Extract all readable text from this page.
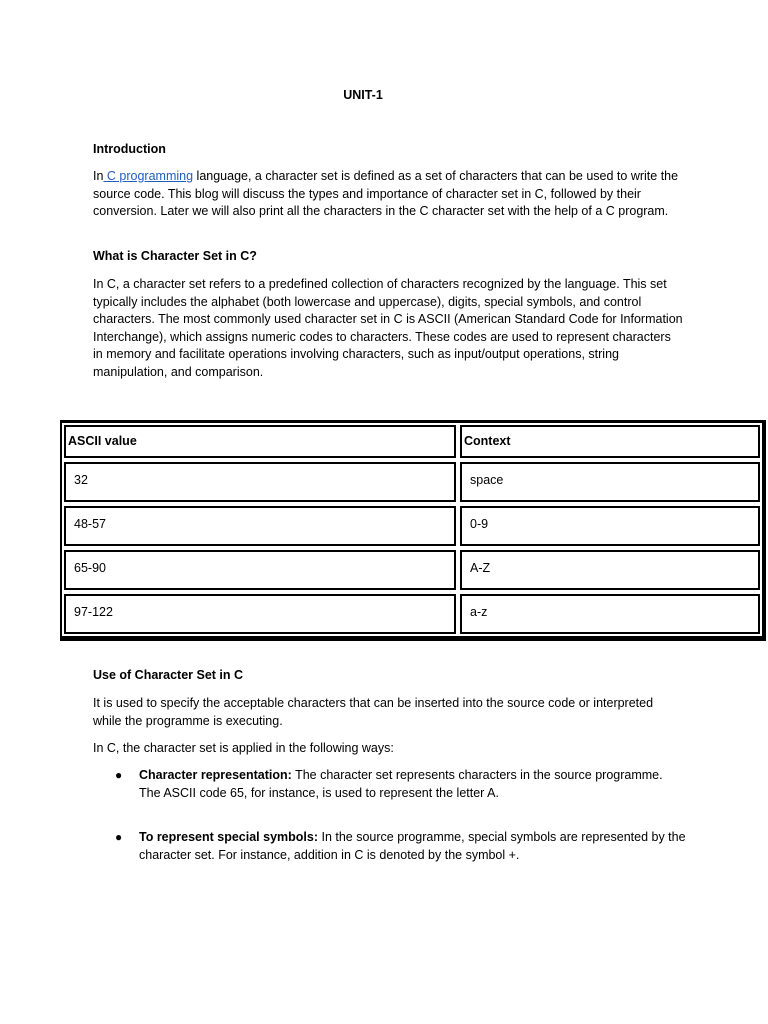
UNIT-1
Introduction

In C programming language, a character set is defined as a set of characters that can be used to write the source code. This blog will discuss the types and importance of character set in C, followed by their conversion. Later we will also print all the characters in the C character set with the help of a C program.

What is Character Set in C?

In C, a character set refers to a predefined collection of characters recognized by the language. This set typically includes the alphabet (both lowercase and uppercase), digits, special symbols, and control characters. The most commonly used character set in C is ASCII (American Standard Code for Information Interchange), which assigns numeric codes to characters. These codes are used to represent characters in memory and facilitate operations involving characters, such as input/output operations, string manipulation, and comparison.

ASCII value	Context
32	space
48-57	0-9
65-90	A-Z
97-122	a-z
Use of Character Set in C

It is used to specify the acceptable characters that can be inserted into the source code or interpreted while the programme is executing.

In C, the character set is applied in the following ways:

● Character representation: The character set represents characters in the source programme. The ASCII code 65, for instance, is used to represent the letter A.
● To represent special symbols: In the source programme, special symbols are represented by the character set. For instance, addition in C is denoted by the symbol +.
